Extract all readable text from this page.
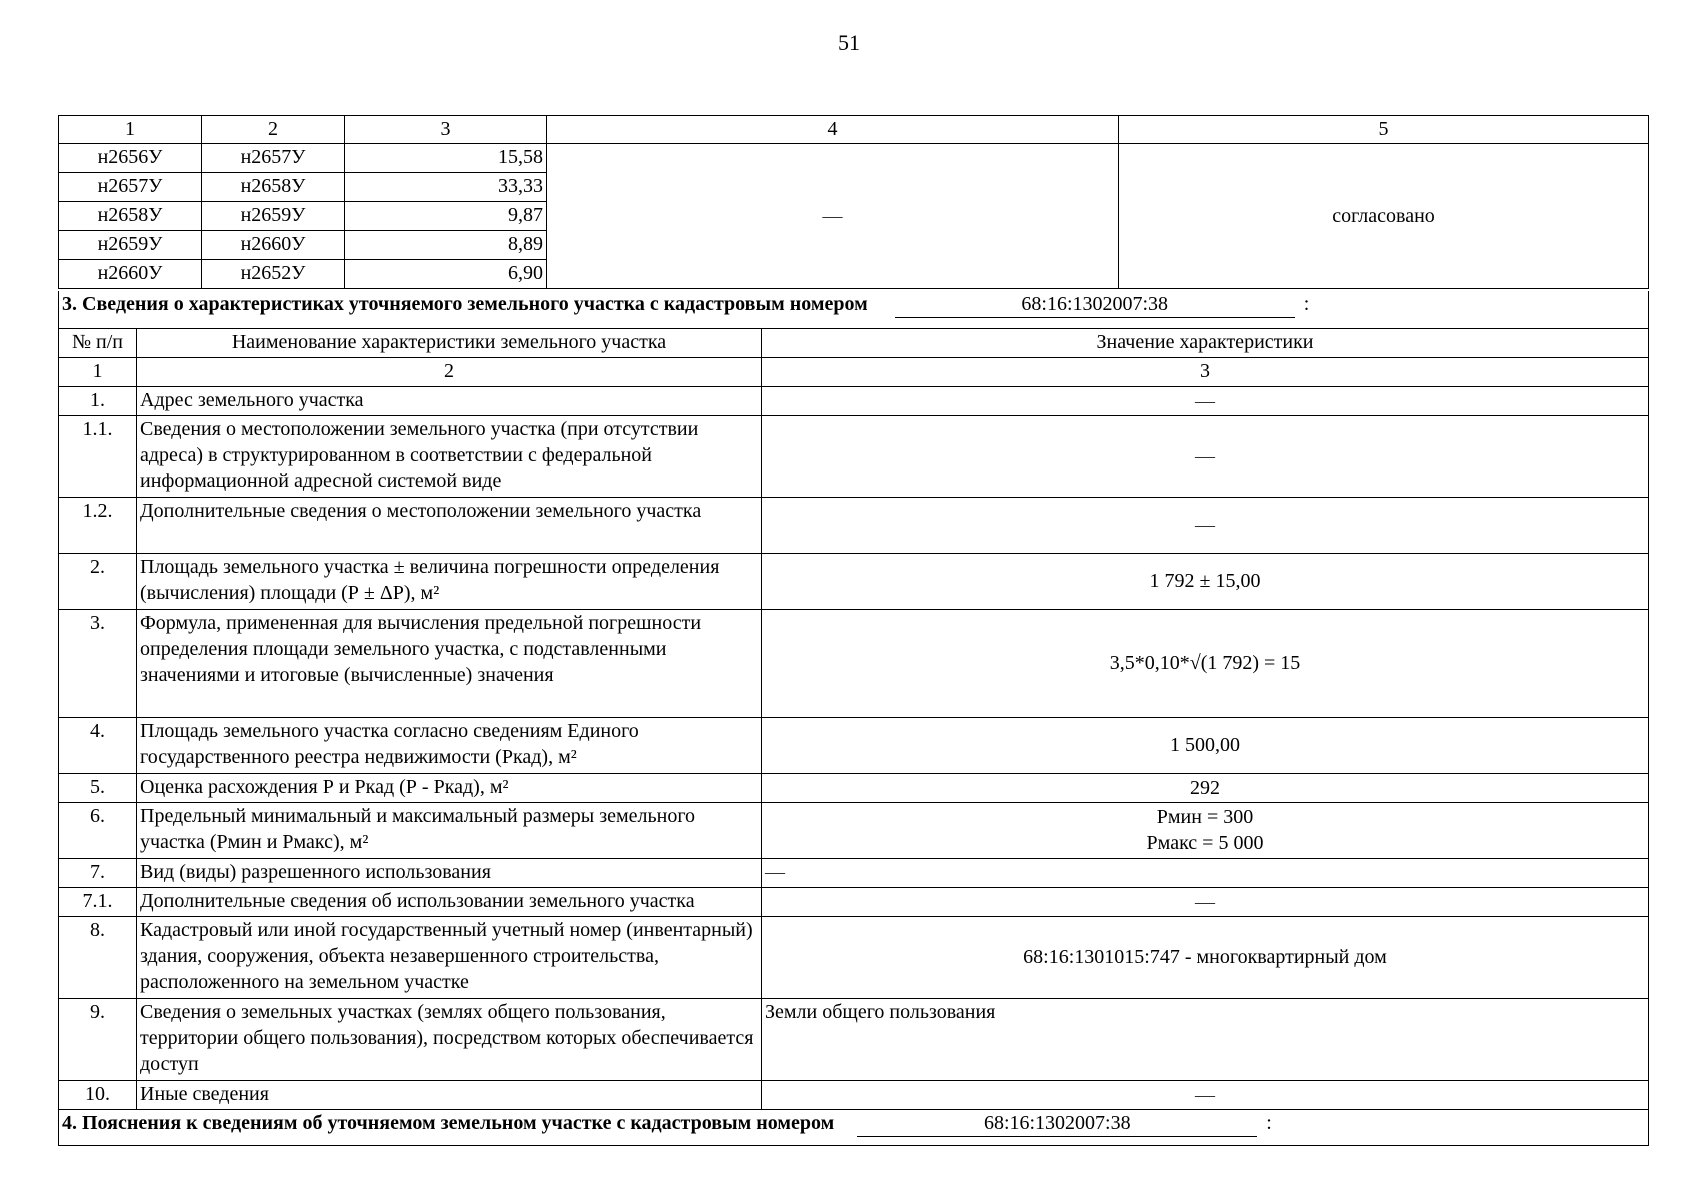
51
1	2	3	4	5
н2656У	н2657У	15,58	—	согласовано
н2657У	н2658У	33,33		
н2658У	н2659У	9,87		
н2659У	н2660У	8,89		
н2660У	н2652У	6,90		
3. Сведения о характеристиках уточняемого земельного участка с кадастровым номером 68:16:1302007:38 :		
№ п/п	Наименование характеристики земельного участка	Значение характеристики
1	2	3
1.	Адрес земельного участка	—
1.1.	Сведения о местоположении земельного участка (при отсутствии адреса) в структурированном в соответствии с федеральной информационной адресной системой виде	—
1.2.	Дополнительные сведения о местоположении земельного участка	—
2.	Площадь земельного участка ± величина погрешности определения (вычисления) площади (Р ± ΔР), м²	1 792 ± 15,00
3.	Формула, примененная для вычисления предельной погрешности определения площади земельного участка, с подставленными значениями и итоговые (вычисленные) значения	3,5*0,10*√(1 792) = 15
4.	Площадь земельного участка согласно сведениям Единого государственного реестра недвижимости (Ркад), м²	1 500,00
5.	Оценка расхождения Р и Ркад (Р - Ркад), м²	292
6.	Предельный минимальный и максимальный размеры земельного участка (Рмин и Рмакс), м²	Рмин = 300
Рмакс = 5 000

7.	Вид (виды) разрешенного использования	—
7.1.	Дополнительные сведения об использовании земельного участка	—
8.	Кадастровый или иной государственный учетный номер (инвентарный) здания, сооружения, объекта незавершенного строительства, расположенного на земельном участке	68:16:1301015:747 - многоквартирный дом
9.	Сведения о земельных участках (землях общего пользования, территории общего пользования), посредством которых обеспечивается доступ	Земли общего пользования
10.	Иные сведения	—
4. Пояснения к сведениям об уточняемом земельном участке с кадастровым номером 68:16:1302007:38 :		
